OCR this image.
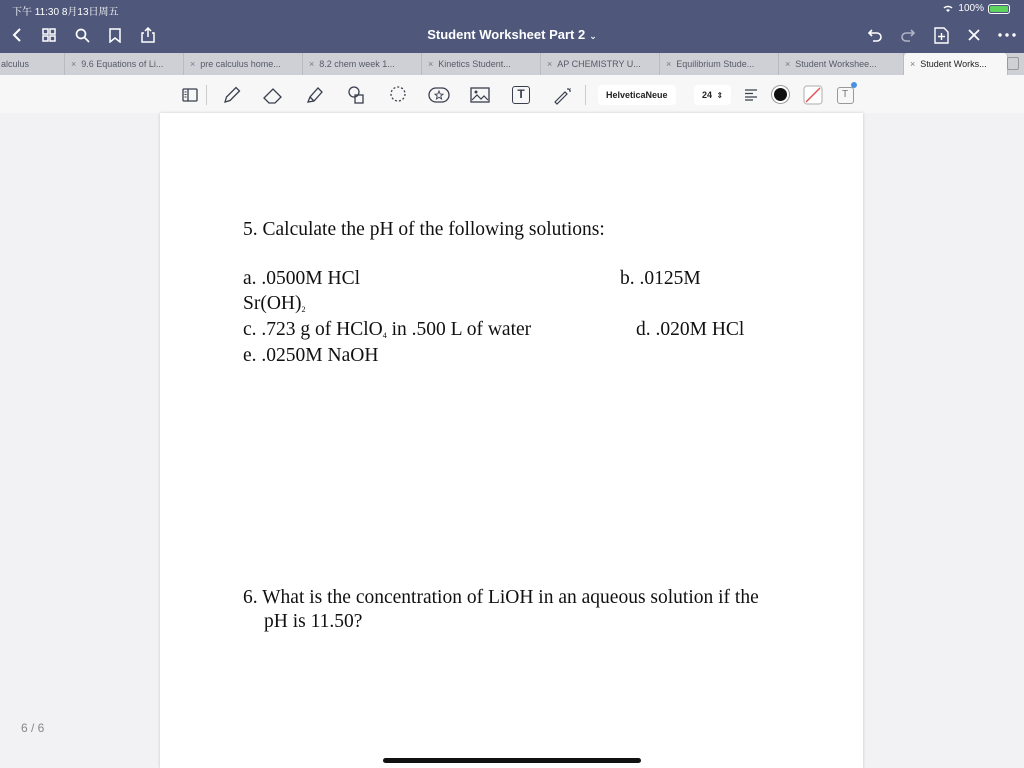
下午 11:30 8月13日周五	100%
Student Worksheet Part 2 ⌄
alculus	× 9.6 Equations of Li...	× pre calculus home...	× 8.2 chem week 1...	× Kinetics Student...	× AP CHEMISTRY U...	× Equilibrium Stude...	× Student Workshee...	× Student Works...
T	HelveticaNeue	24 ⇕	T
5. Calculate the pH of the following solutions:
a. .0500M HCl	b. .0125M
$Sr(OH)_2$
c. .723 g of HClO$_4$ in .500 L of water	d. .020M HCl
e. .0250M NaOH
6. What is the concentration of LiOH in an aqueous solution if the
pH is 11.50?
6 / 6
